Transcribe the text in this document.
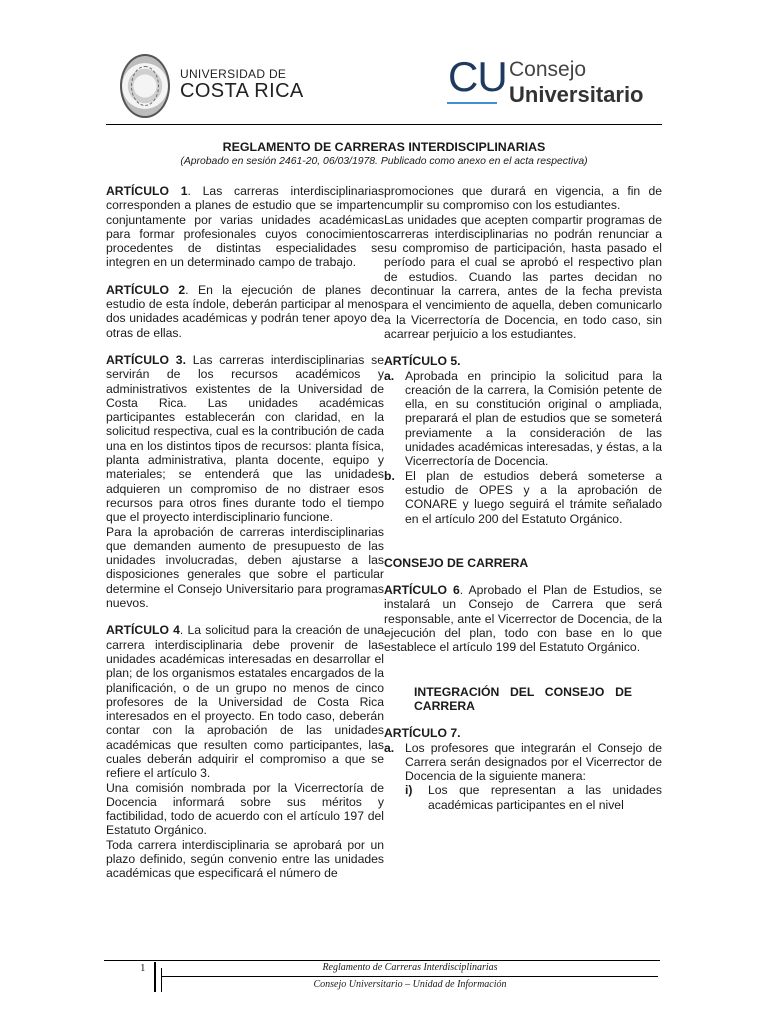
UNIVERSIDAD DE
COSTA RICA	CU Consejo
Universitario
REGLAMENTO DE CARRERAS INTERDISCIPLINARIAS
(Aprobado en sesión 2461-20, 06/03/1978. Publicado como anexo en el acta respectiva)

ARTÍCULO 1. Las carreras interdisciplinarias corresponden a planes de estudio que se imparten conjuntamente por varias unidades académicas para formar profesionales cuyos conocimientos procedentes de distintas especialidades se integren en un determinado campo de trabajo.

ARTÍCULO 2. En la ejecución de planes de estudio de esta índole, deberán participar al menos dos unidades académicas y podrán tener apoyo de otras de ellas.

ARTÍCULO 3. Las carreras interdisciplinarias se servirán de los recursos académicos y administrativos existentes de la Universidad de Costa Rica. Las unidades académicas participantes establecerán con claridad, en la solicitud respectiva, cual es la contribución de cada una en los distintos tipos de recursos: planta física, planta administrativa, planta docente, equipo y materiales; se entenderá que las unidades adquieren un compromiso de no distraer esos recursos para otros fines durante todo el tiempo que el proyecto interdisciplinario funcione.

Para la aprobación de carreras interdisciplinarias que demanden aumento de presupuesto de las unidades involucradas, deben ajustarse a las disposiciones generales que sobre el particular determine el Consejo Universitario para programas nuevos.

ARTÍCULO 4. La solicitud para la creación de una carrera interdisciplinaria debe provenir de las unidades académicas interesadas en desarrollar el plan; de los organismos estatales encargados de la planificación, o de un grupo no menos de cinco profesores de la Universidad de Costa Rica interesados en el proyecto. En todo caso, deberán contar con la aprobación de las unidades académicas que resulten como participantes, las cuales deberán adquirir el compromiso a que se refiere el artículo 3.

Una comisión nombrada por la Vicerrectoría de Docencia informará sobre sus méritos y factibilidad, todo de acuerdo con el artículo 197 del Estatuto Orgánico.

Toda carrera interdisciplinaria se aprobará por un plazo definido, según convenio entre las unidades académicas que especificará el número de

promociones que durará en vigencia, a fin de cumplir su compromiso con los estudiantes.

Las unidades que acepten compartir programas de carreras interdisciplinarias no podrán renunciar a su compromiso de participación, hasta pasado el período para el cual se aprobó el respectivo plan de estudios. Cuando las partes decidan no continuar la carrera, antes de la fecha prevista para el vencimiento de aquella, deben comunicarlo a la Vicerrectoría de Docencia, en todo caso, sin acarrear perjuicio a los estudiantes.

ARTÍCULO 5.

a. Aprobada en principio la solicitud para la creación de la carrera, la Comisión petente de ella, en su constitución original o ampliada, preparará el plan de estudios que se someterá previamente a la consideración de las unidades académicas interesadas, y éstas, a la Vicerrectoría de Docencia.
b. El plan de estudios deberá someterse a estudio de OPES y a la aprobación de CONARE y luego seguirá el trámite señalado en el artículo 200 del Estatuto Orgánico.

CONSEJO DE CARRERA

ARTÍCULO 6. Aprobado el Plan de Estudios, se instalará un Consejo de Carrera que será responsable, ante el Vicerrector de Docencia, de la ejecución del plan, todo con base en lo que establece el artículo 199 del Estatuto Orgánico.

INTEGRACIÓN DEL CONSEJO DE CARRERA

ARTÍCULO 7.

a. Los profesores que integrarán el Consejo de Carrera serán designados por el Vicerrector de Docencia de la siguiente manera:
i)	Los que representan a las unidades académicas participantes en el nivel
1	Reglamento de Carreras Interdisciplinarias
Consejo Universitario – Unidad de Información
